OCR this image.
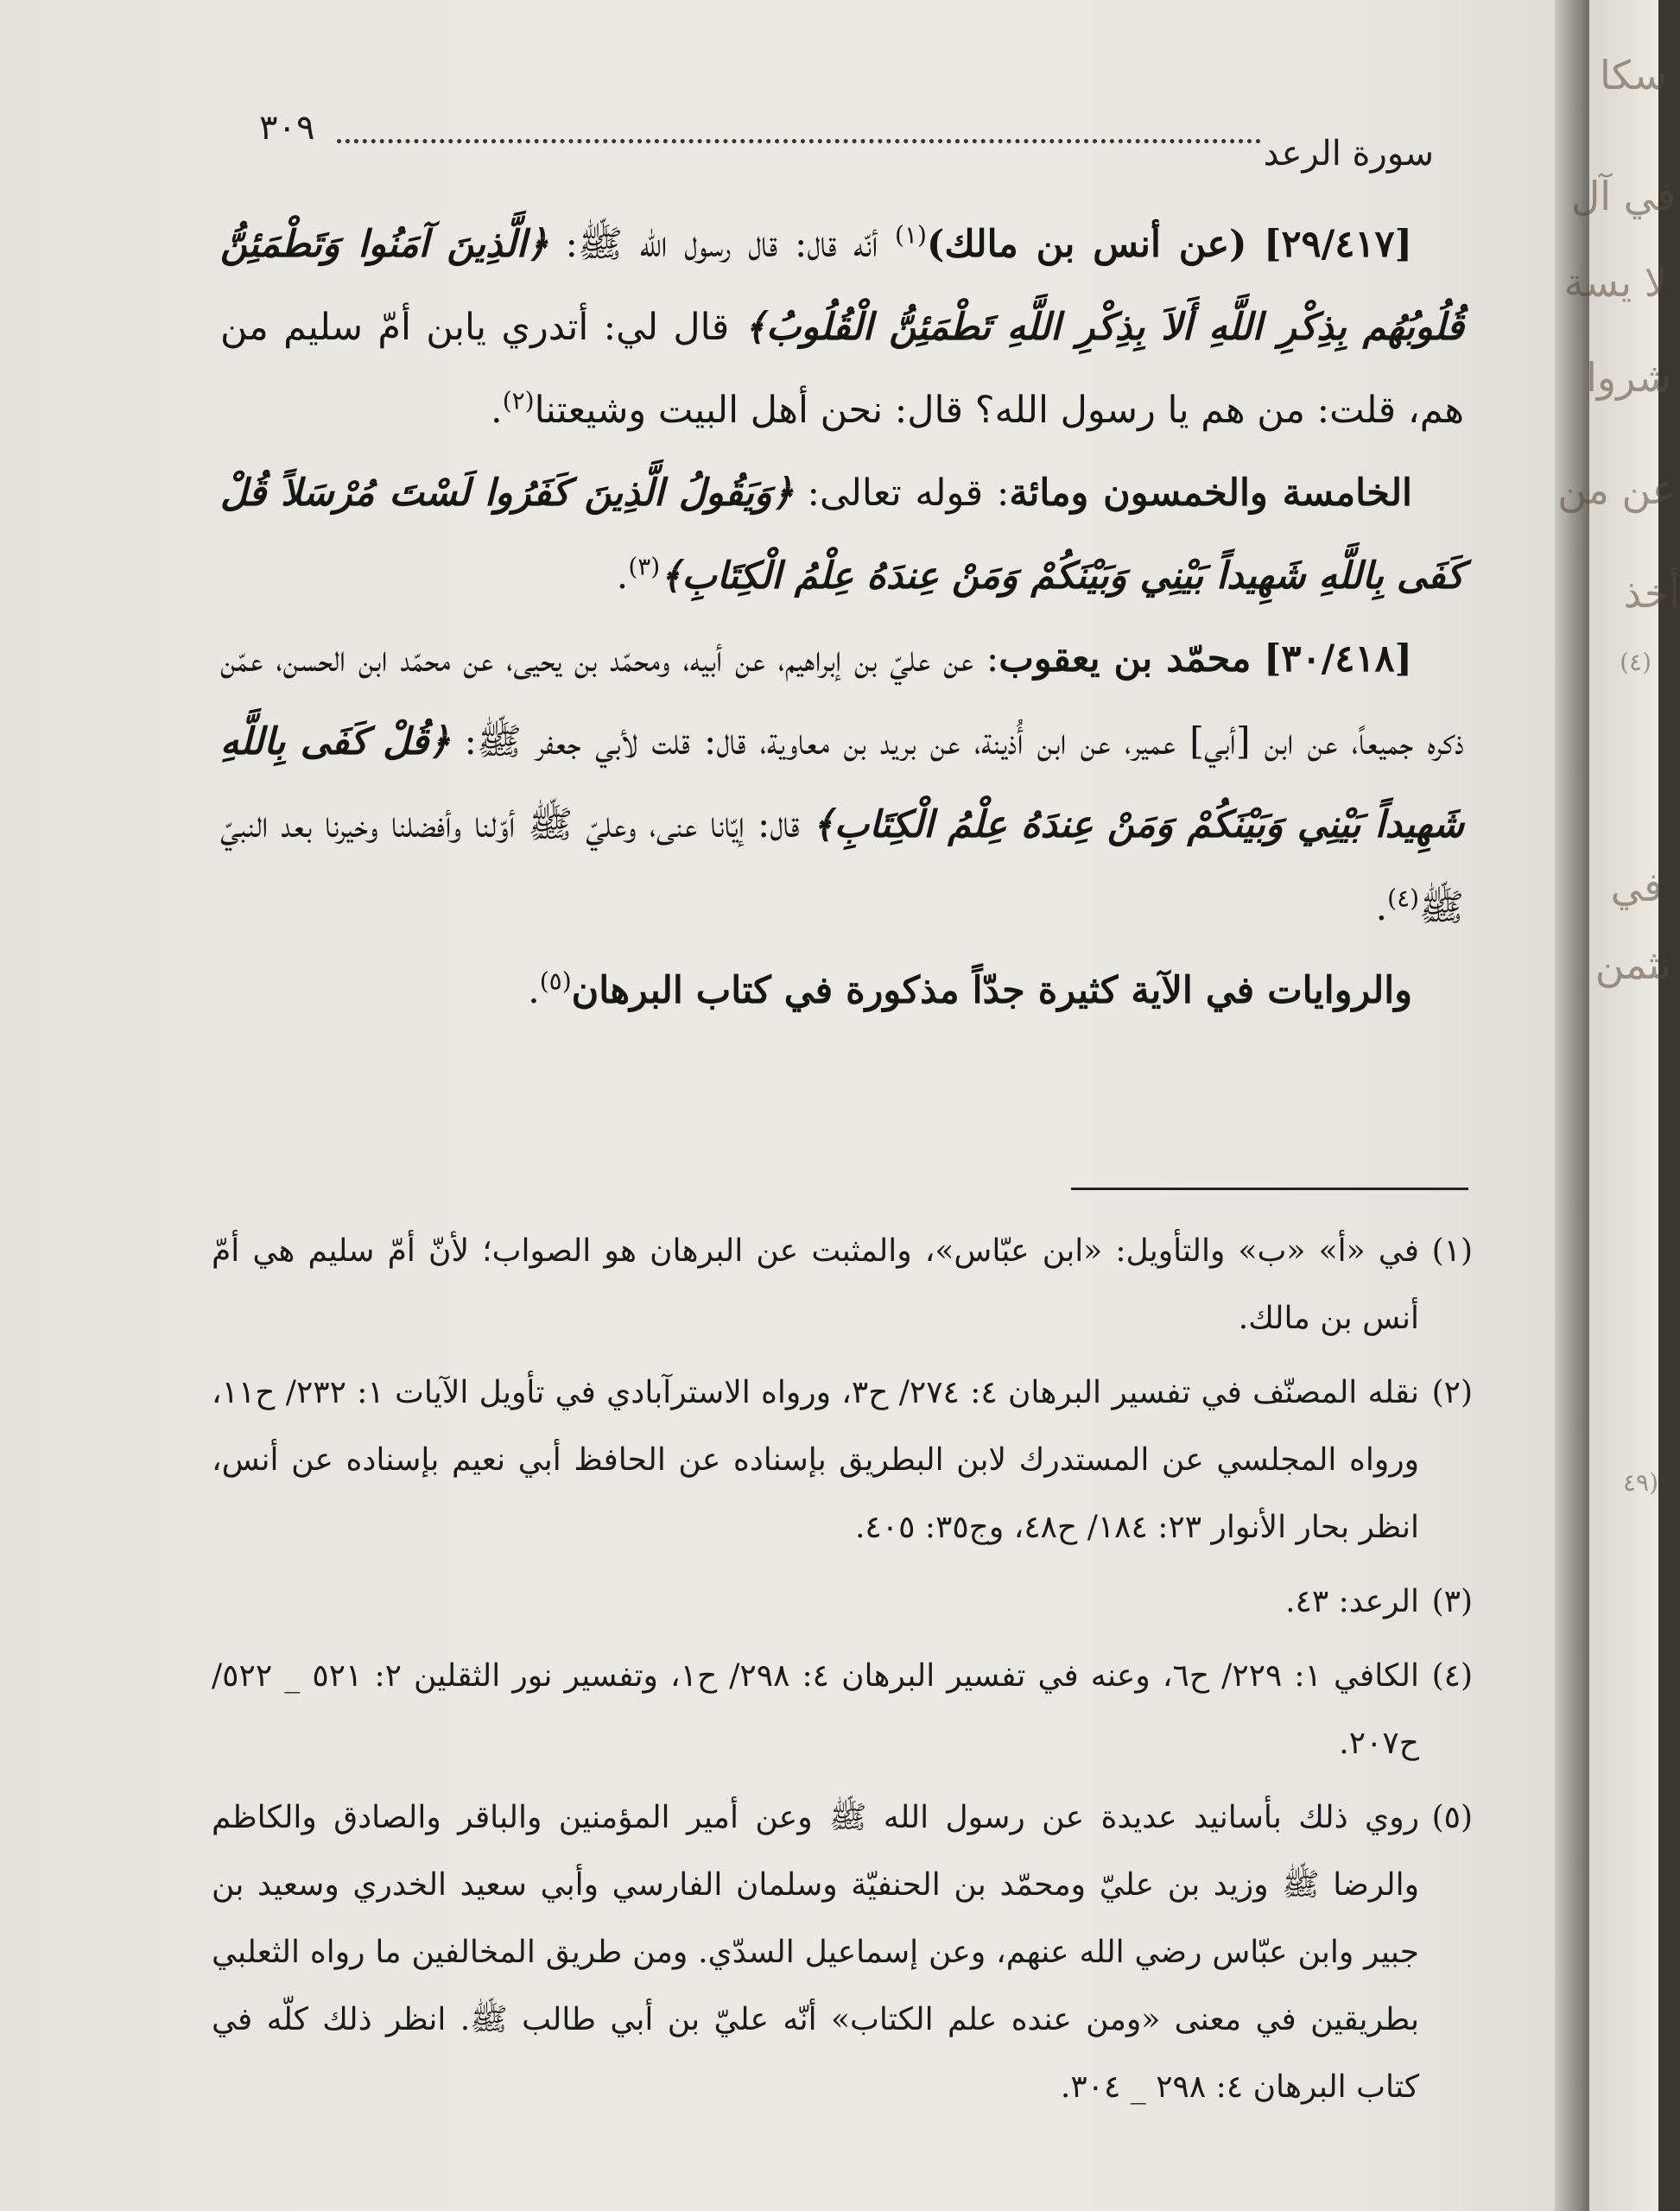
سورة الرعد
٣٠٩

[٢٩/٤١٧] (عن أنس بن مالك)$^{(١)}$ أنّه قال: قال رسول الله ﷺ: ﴿الَّذِينَ آمَنُوا وَتَطْمَئِنُّ قُلُوبُهُم بِذِكْرِ اللَّهِ أَلاَ بِذِكْرِ اللَّهِ تَطْمَئِنُّ الْقُلُوبُ﴾ قال لي: أتدري يابن أمّ سليم من هم، قلت: من هم يا رسول الله؟ قال: نحن أهل البيت وشيعتنا$^{(٢)}$.

الخامسة والخمسون ومائة: قوله تعالى: ﴿وَيَقُولُ الَّذِينَ كَفَرُوا لَسْتَ مُرْسَلاً قُلْ كَفَى بِاللَّهِ شَهِيداً بَيْنِي وَبَيْنَكُمْ وَمَنْ عِندَهُ عِلْمُ الْكِتَابِ﴾$^{(٣)}$.

[٣٠/٤١٨] محمّد بن يعقوب: عن عليّ بن إبراهيم، عن أبيه، ومحمّد بن يحيى، عن محمّد ابن الحسن، عمّن ذكره جميعاً، عن ابن [أبي] عمير، عن ابن أُذينة، عن بريد بن معاوية، قال: قلت لأبي جعفر ﷺ: ﴿قُلْ كَفَى بِاللَّهِ شَهِيداً بَيْنِي وَبَيْنَكُمْ وَمَنْ عِندَهُ عِلْمُ الْكِتَابِ﴾ قال: إيّانا عنى، وعليّ ﷺ أوّلنا وأفضلنا وخيرنا بعد النبيّ ﷺ$^{(٤)}$.

والروايات في الآية كثيرة جدّاً مذكورة في كتاب البرهان$^{(٥)}$.

(١)في «أ» «ب» والتأويل: «ابن عبّاس»، والمثبت عن البرهان هو الصواب؛ لأنّ أمّ سليم هي أمّ أنس بن مالك.

(٢)نقله المصنّف في تفسير البرهان ٤: ٢٧٤/ ح٣، ورواه الاسترآبادي في تأويل الآيات ١: ٢٣٢/ ح١١، ورواه المجلسي عن المستدرك لابن البطريق بإسناده عن الحافظ أبي نعيم بإسناده عن أنس، انظر بحار الأنوار ٢٣: ١٨٤/ ح٤٨، وج٣٥: ٤٠٥.

(٣)الرعد: ٤٣.

(٤)الكافي ١: ٢٢٩/ ح٦، وعنه في تفسير البرهان ٤: ٢٩٨/ ح١، وتفسير نور الثقلين ٢: ٥٢١ _ ٥٢٢/ ح٢٠٧.

(٥)روي ذلك بأسانيد عديدة عن رسول الله ﷺ وعن أمير المؤمنين والباقر والصادق والكاظم والرضا ﷺ وزيد بن عليّ ومحمّد بن الحنفيّة وسلمان الفارسي وأبي سعيد الخدري وسعيد بن جبير وابن عبّاس رضي الله عنهم، وعن إسماعيل السدّي. ومن طريق المخالفين ما رواه الثعلبي بطريقين في معنى «ومن عنده علم الكتاب» أنّه عليّ بن أبي طالب ﷺ. انظر ذلك كلّه في كتاب البرهان ٤: ٢٩٨ _ ٣٠٤.

سكا
في آل
لا يسة
شروا
عن من
أخذ
(٤)
في
نثمن
(٤٩
